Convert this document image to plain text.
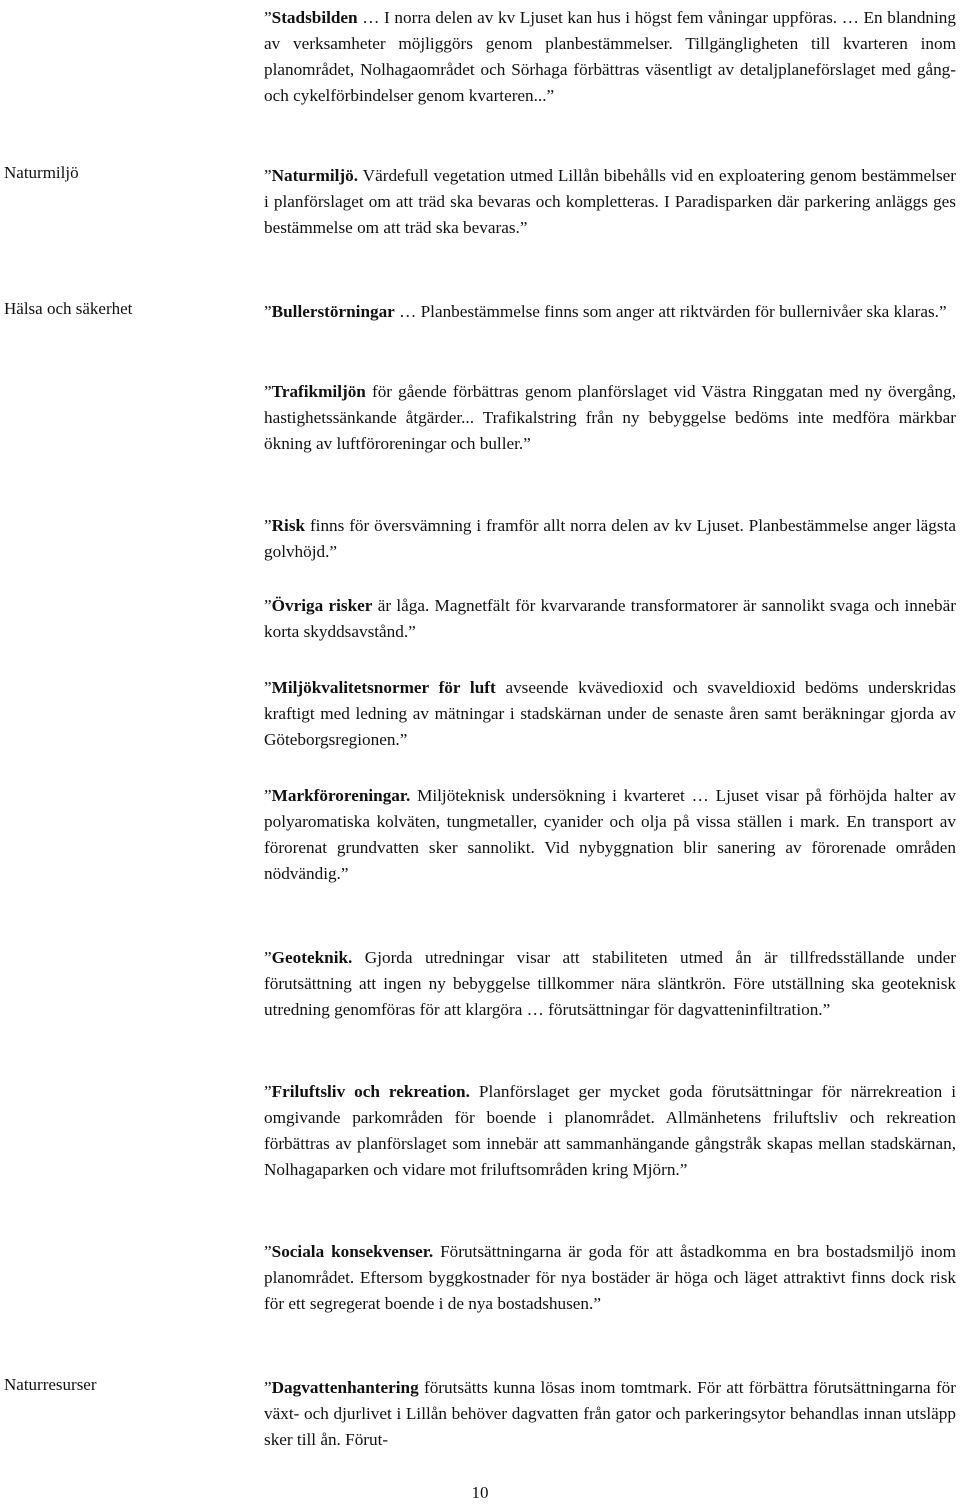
Naturmiljö
Hälsa och säkerhet
Naturresurser

”Stadsbilden … I norra delen av kv Ljuset kan hus i högst fem våningar uppföras. … En blandning av verksamheter möjliggörs genom planbestämmelser. Tillgängligheten till kvarteren inom planområdet, Nolhagaområdet och Sörhaga förbättras väsentligt av detaljplaneförslaget med gång- och cykelförbindelser genom kvarteren...”

”Naturmiljö. Värdefull vegetation utmed Lillån bibehålls vid en exploatering genom bestämmelser i planförslaget om att träd ska bevaras och kompletteras. I Paradisparken där parkering anläggs ges bestämmelse om att träd ska bevaras.”

”Bullerstörningar … Planbestämmelse finns som anger att riktvärden för bullernivåer ska klaras.”

”Trafikmiljön för gående förbättras genom planförslaget vid Västra Ringgatan med ny övergång, hastighetssänkande åtgärder... Trafikalstring från ny bebyggelse bedöms inte medföra märkbar ökning av luftföroreningar och buller.”

”Risk finns för översvämning i framför allt norra delen av kv Ljuset. Planbestämmelse anger lägsta golvhöjd.”

”Övriga risker är låga. Magnetfält för kvarvarande transformatorer är sannolikt svaga och innebär korta skyddsavstånd.”

”Miljökvalitetsnormer för luft avseende kvävedioxid och svaveldioxid bedöms underskridas kraftigt med ledning av mätningar i stadskärnan under de senaste åren samt beräkningar gjorda av Göteborgsregionen.”

”Markföroreningar. Miljöteknisk undersökning i kvarteret … Ljuset visar på förhöjda halter av polyaromatiska kolväten, tungmetaller, cyanider och olja på vissa ställen i mark. En transport av förorenat grundvatten sker sannolikt. Vid nybyggnation blir sanering av förorenade områden nödvändig.”

”Geoteknik. Gjorda utredningar visar att stabiliteten utmed ån är tillfredsställande under förutsättning att ingen ny bebyggelse tillkommer nära släntkrön. Före utställning ska geoteknisk utredning genomföras för att klargöra … förutsättningar för dagvatteninfiltration.”

”Friluftsliv och rekreation. Planförslaget ger mycket goda förutsättningar för närrekreation i omgivande parkområden för boende i planområdet. Allmänhetens friluftsliv och rekreation förbättras av planförslaget som innebär att sammanhängande gångstråk skapas mellan stadskärnan, Nolhagaparken och vidare mot friluftsområden kring Mjörn.”

”Sociala konsekvenser. Förutsättningarna är goda för att åstadkomma en bra bostadsmiljö inom planområdet. Eftersom byggkostnader för nya bostäder är höga och läget attraktivt finns dock risk för ett segregerat boende i de nya bostadshusen.”

”Dagvattenhantering förutsätts kunna lösas inom tomtmark. För att förbättra förutsättningarna för växt- och djurlivet i Lillån behöver dagvatten från gator och parkeringsytor behandlas innan utsläpp sker till ån. Förut-

10
